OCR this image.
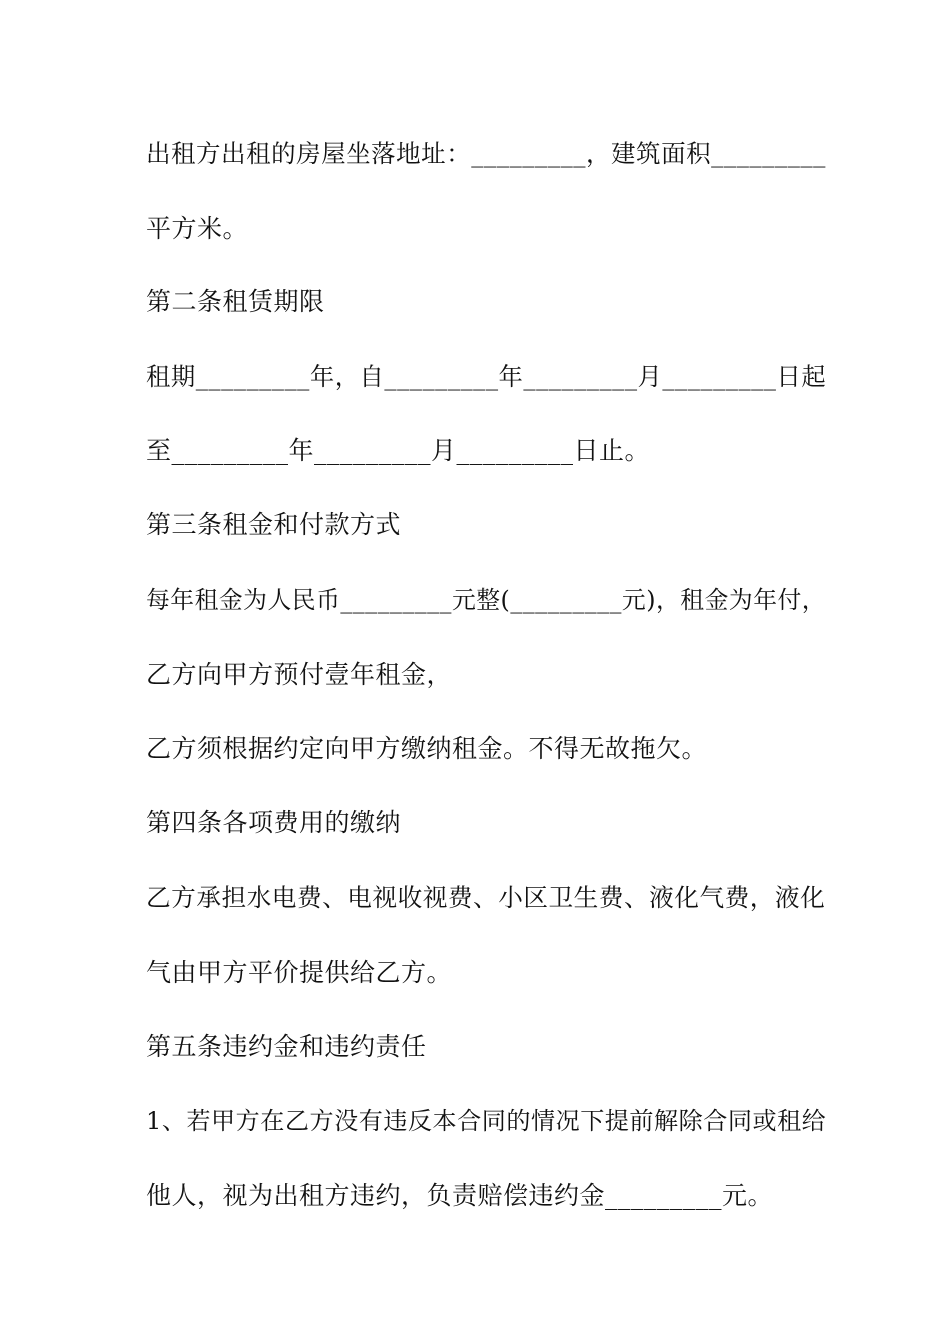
出租方出租的房屋坐落地址：_________，建筑面积_________

平方米。

第二条租赁期限

租期_________年，自_________年_________月_________日起

至_________年_________月_________日止。

第三条租金和付款方式

每年租金为人民币_________元整(_________元)，租金为年付，

乙方向甲方预付壹年租金，

乙方须根据约定向甲方缴纳租金。不得无故拖欠。

第四条各项费用的缴纳

乙方承担水电费、电视收视费、小区卫生费、液化气费，液化

气由甲方平价提供给乙方。

第五条违约金和违约责任

1、若甲方在乙方没有违反本合同的情况下提前解除合同或租给

他人，视为出租方违约，负责赔偿违约金_________元。
